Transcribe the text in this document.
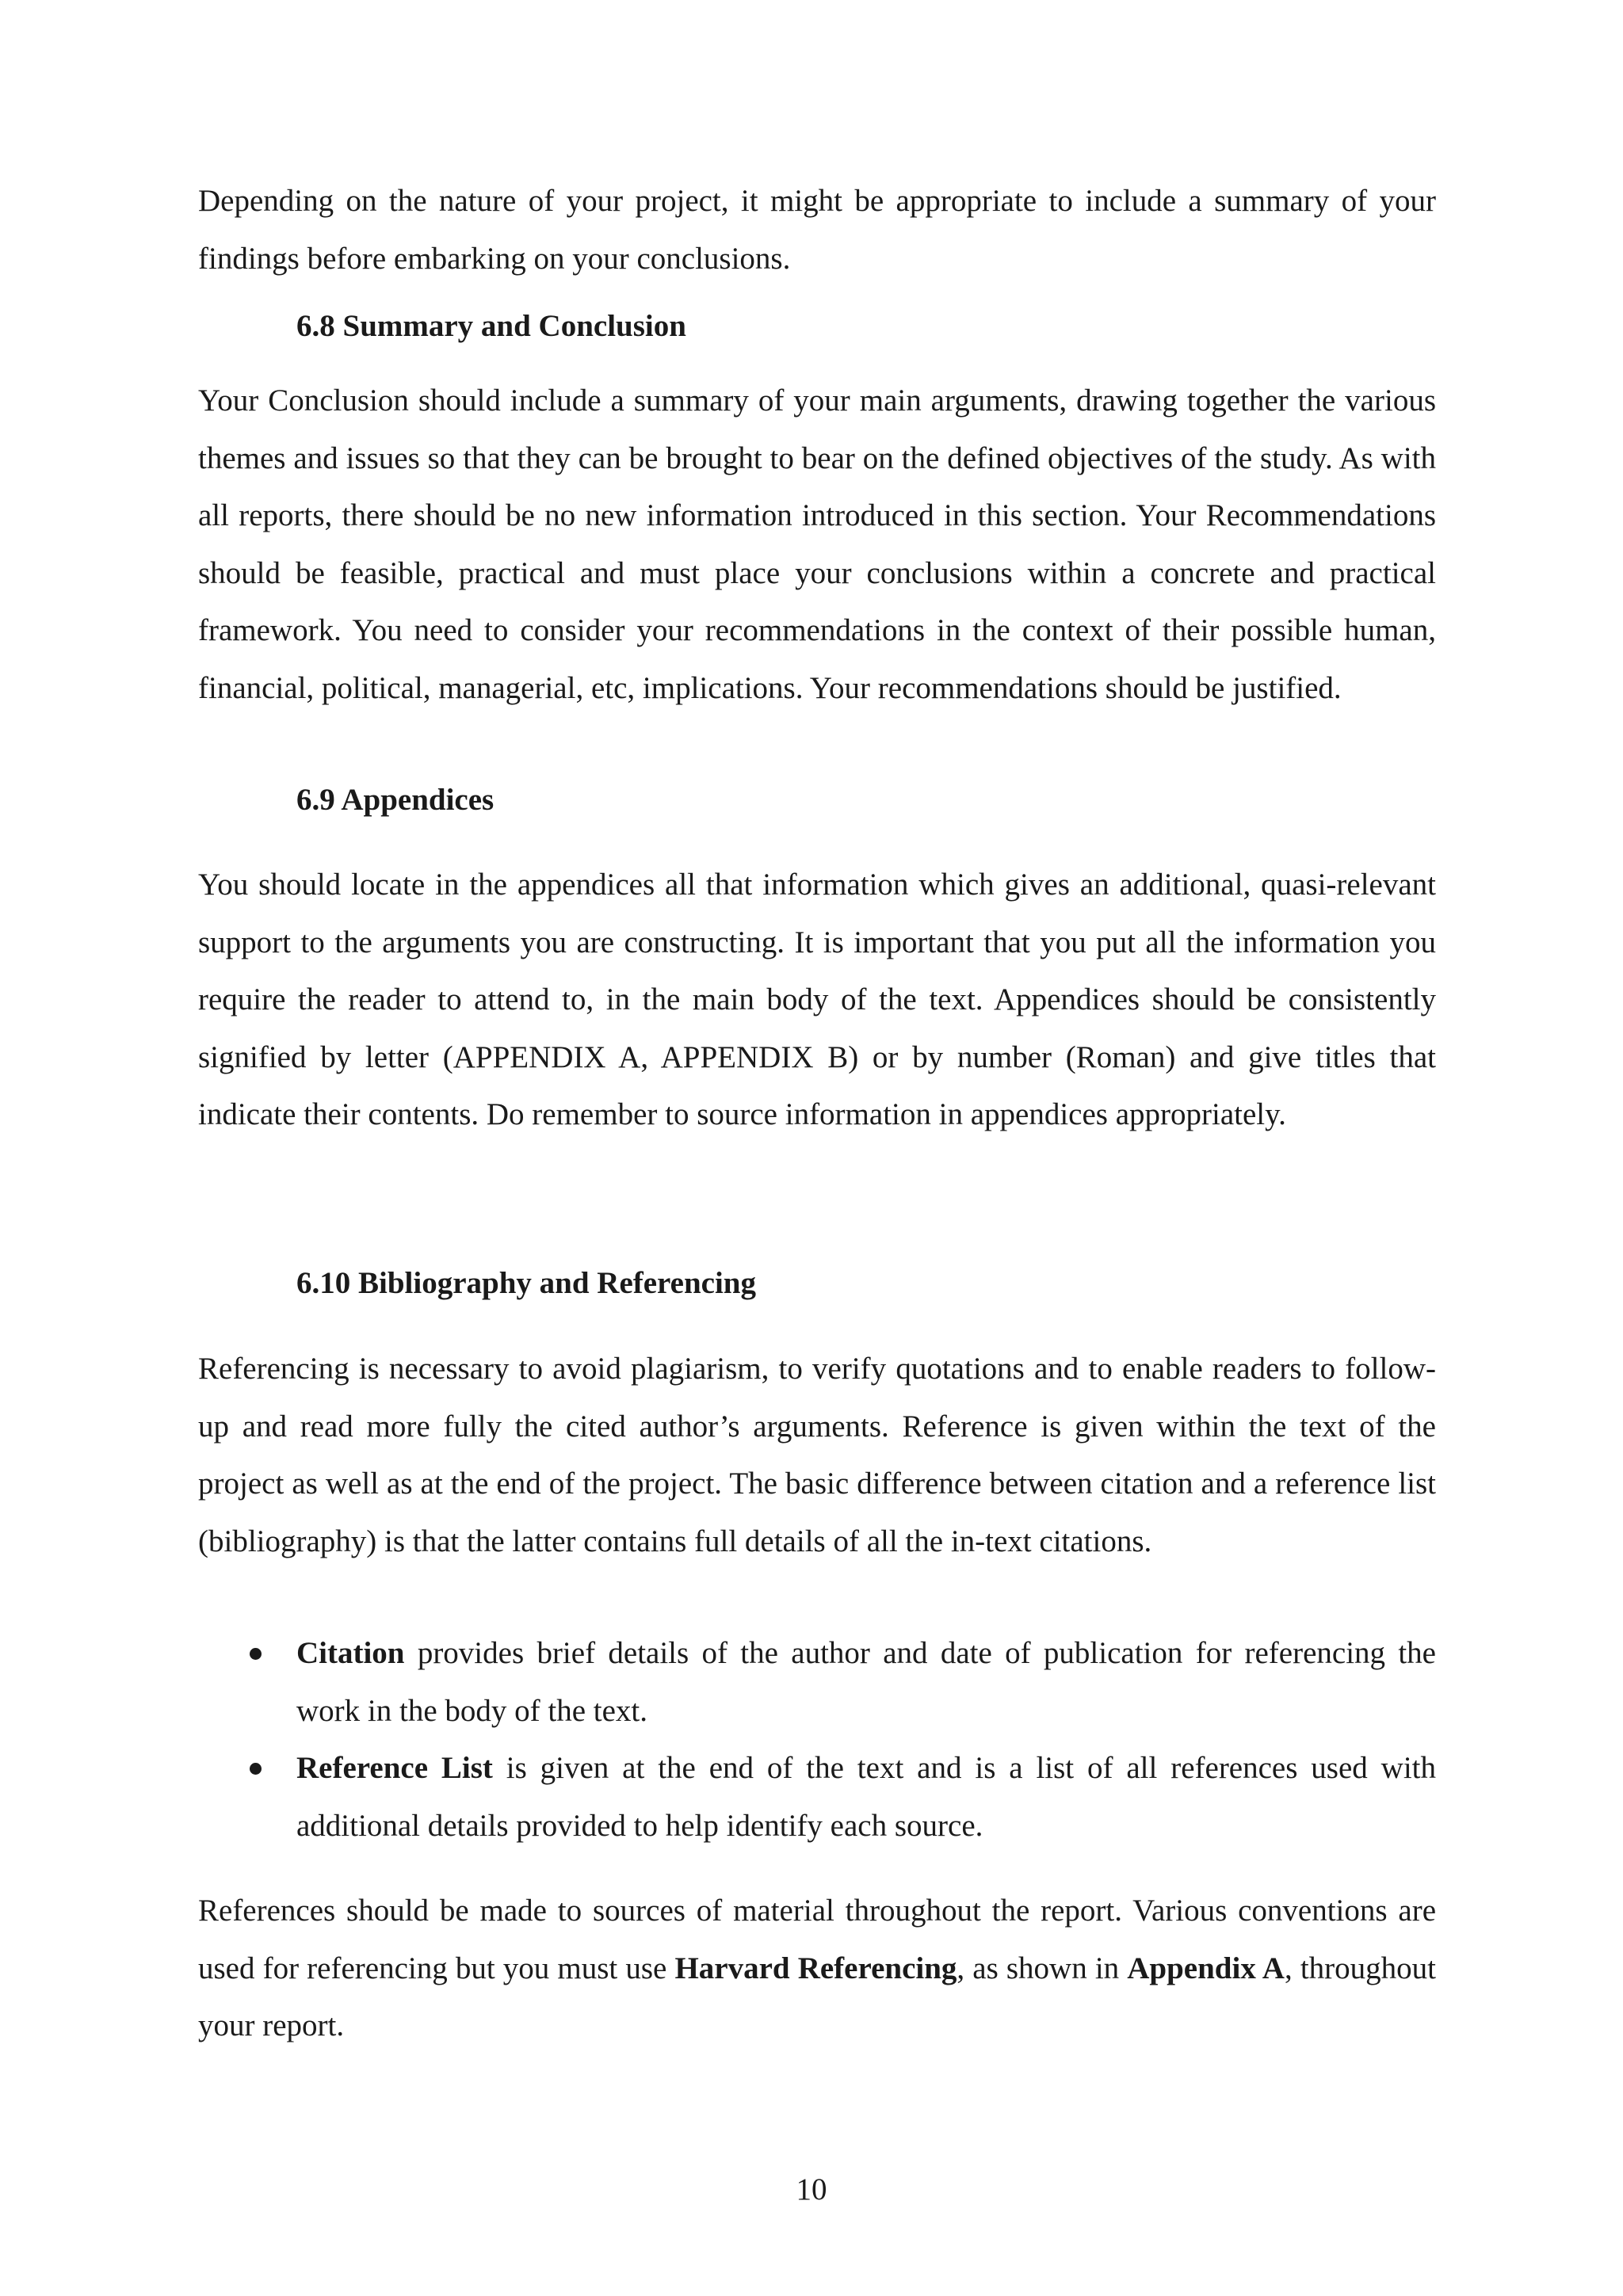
Depending on the nature of your project, it might be appropriate to include a summary of your findings before embarking on your conclusions.

6.8 Summary and Conclusion

Your Conclusion should include a summary of your main arguments, drawing together the various themes and issues so that they can be brought to bear on the defined objectives of the study. As with all reports, there should be no new information introduced in this section. Your Recommendations should be feasible, practical and must place your conclusions within a concrete and practical framework. You need to consider your recommendations in the context of their possible human, financial, political, managerial, etc, implications. Your recommendations should be justified.

6.9 Appendices

You should locate in the appendices all that information which gives an additional, quasi-relevant support to the arguments you are constructing. It is important that you put all the information you require the reader to attend to, in the main body of the text. Appendices should be consistently signified by letter (APPENDIX A, APPENDIX B) or by number (Roman) and give titles that indicate their contents. Do remember to source information in appendices appropriately.

6.10 Bibliography and Referencing

Referencing is necessary to avoid plagiarism, to verify quotations and to enable readers to follow-up and read more fully the cited author’s arguments. Reference is given within the text of the project as well as at the end of the project. The basic difference between citation and a reference list (bibliography) is that the latter contains full details of all the in-text citations.

Citation provides brief details of the author and date of publication for referencing the work in the body of the text.
Reference List is given at the end of the text and is a list of all references used with additional details provided to help identify each source.

References should be made to sources of material throughout the report. Various conventions are used for referencing but you must use Harvard Referencing, as shown in Appendix A, throughout your report.

10
